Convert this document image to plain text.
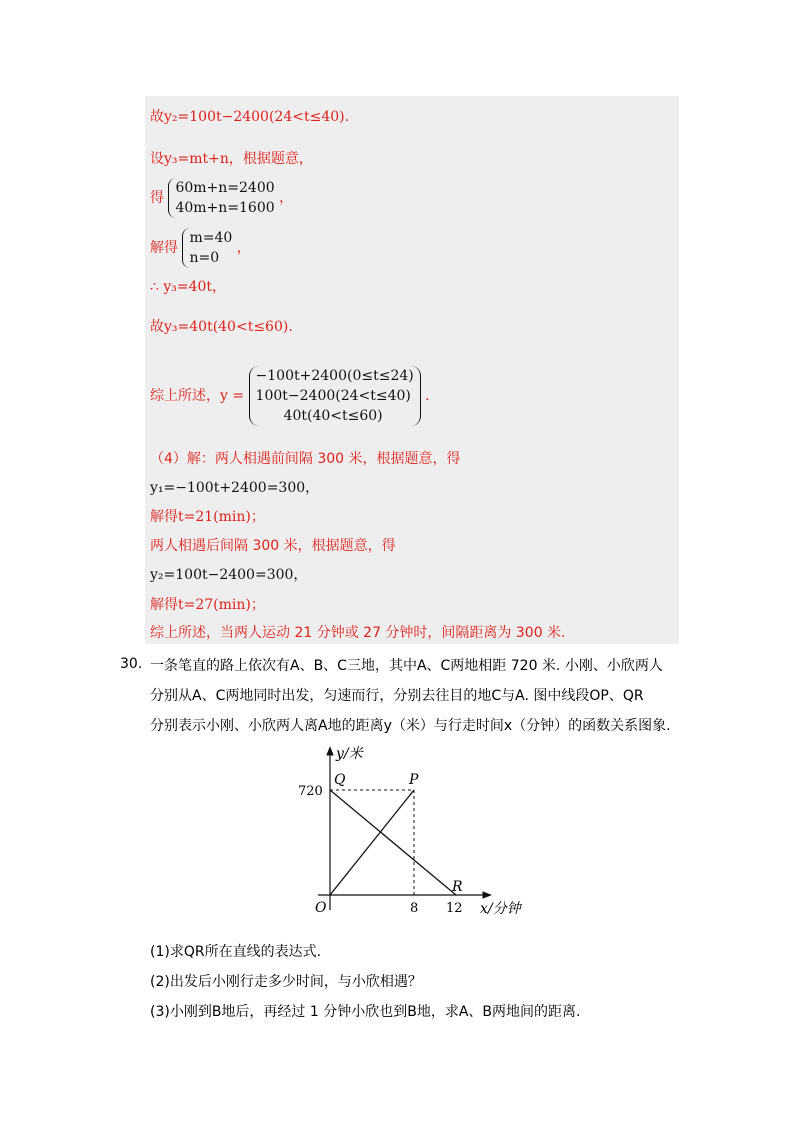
故y₂=100t−2400(24<t≤40).
设y₃=mt+n，根据题意，
得
60m+n=2400
40m+n=1600
，
解得
m=40
n=0
，
∴ y₃=40t，
故y₃=40t(40<t≤60).
综上所述，y =
−100t+2400(0≤t≤24)
100t−2400(24<t≤40)
40t(40<t≤60)
.
（4）解：两人相遇前间隔 300 米，根据题意，得
y₁=−100t+2400=300，
解得t=21(min)；
两人相遇后间隔 300 米，根据题意，得
y₂=100t−2400=300，
解得t=27(min)；
综上所述，当两人运动 21 分钟或 27 分钟时，间隔距离为 300 米.
30. 一条笔直的路上依次有A、B、C三地，其中A、C两地相距 720 米. 小刚、小欣两人
分别从A、C两地同时出发，匀速而行，分别去往目的地C与A. 图中线段OP、QR
分别表示小刚、小欣两人离A地的距离y（米）与行走时间x（分钟）的函数关系图象.
y/米
Q	P
R
O
720
8 12 x/分钟
(1)求QR所在直线的表达式.
(2)出发后小刚行走多少时间，与小欣相遇？
(3)小刚到B地后，再经过 1 分钟小欣也到B地，求A、B两地间的距离.
